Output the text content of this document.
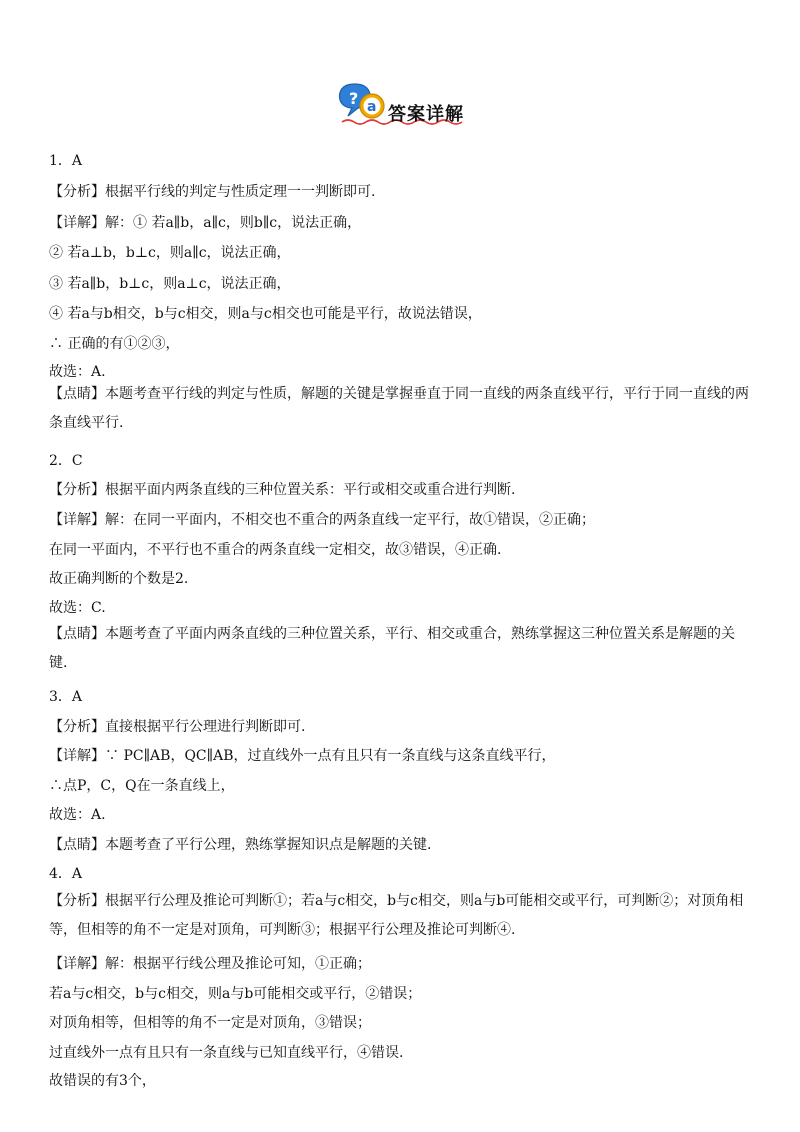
? a 答案详解
1．A
【分析】根据平行线的判定与性质定理一一判断即可.
【详解】解：① 若a∥b，a∥c，则b∥c，说法正确，
② 若a⊥b，b⊥c，则a∥c，说法正确，
③ 若a∥b，b⊥c，则a⊥c，说法正确，
④ 若a与b相交，b与c相交，则a与c相交也可能是平行，故说法错误，
∴ 正确的有①②③，
故选：A.
【点睛】本题考查平行线的判定与性质，解题的关键是掌握垂直于同一直线的两条直线平行，平行于同一直线的两条直线平行.
2．C
【分析】根据平面内两条直线的三种位置关系：平行或相交或重合进行判断.
【详解】解：在同一平面内，不相交也不重合的两条直线一定平行，故①错误，②正确；
在同一平面内，不平行也不重合的两条直线一定相交，故③错误，④正确.
故正确判断的个数是2.
故选：C.
【点睛】本题考查了平面内两条直线的三种位置关系，平行、相交或重合，熟练掌握这三种位置关系是解题的关键.
3．A
【分析】直接根据平行公理进行判断即可.
【详解】∵ PC∥AB，QC∥AB，过直线外一点有且只有一条直线与这条直线平行，
∴点P，C，Q在一条直线上，
故选：A.
【点睛】本题考查了平行公理，熟练掌握知识点是解题的关键.
4．A
【分析】根据平行公理及推论可判断①；若a与c相交，b与c相交，则a与b可能相交或平行，可判断②；对顶角相等，但相等的角不一定是对顶角，可判断③；根据平行公理及推论可判断④.
【详解】解：根据平行线公理及推论可知，①正确；
若a与c相交，b与c相交，则a与b可能相交或平行，②错误；
对顶角相等，但相等的角不一定是对顶角，③错误；
过直线外一点有且只有一条直线与已知直线平行，④错误.
故错误的有3个，
